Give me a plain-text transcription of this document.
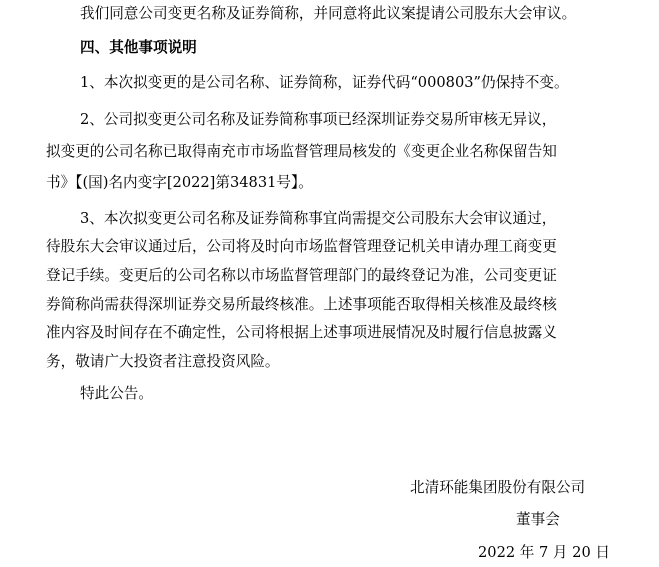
我们同意公司变更名称及证券简称，并同意将此议案提请公司股东大会审议。
四、其他事项说明
1、本次拟变更的是公司名称、证券简称，证券代码“000803”仍保持不变。
2、公司拟变更公司名称及证券简称事项已经深圳证券交易所审核无异议，
拟变更的公司名称已取得南充市市场监督管理局核发的《变更企业名称保留告知
书》【(国)名内变字[2022]第34831号】。
3、本次拟变更公司名称及证券简称事宜尚需提交公司股东大会审议通过，
待股东大会审议通过后，公司将及时向市场监督管理登记机关申请办理工商变更
登记手续。变更后的公司名称以市场监督管理部门的最终登记为准，公司变更证
券简称尚需获得深圳证券交易所最终核准。上述事项能否取得相关核准及最终核
准内容及时间存在不确定性，公司将根据上述事项进展情况及时履行信息披露义
务，敬请广大投资者注意投资风险。
特此公告。
北清环能集团股份有限公司
董事会
2022 年 7 月 20 日
